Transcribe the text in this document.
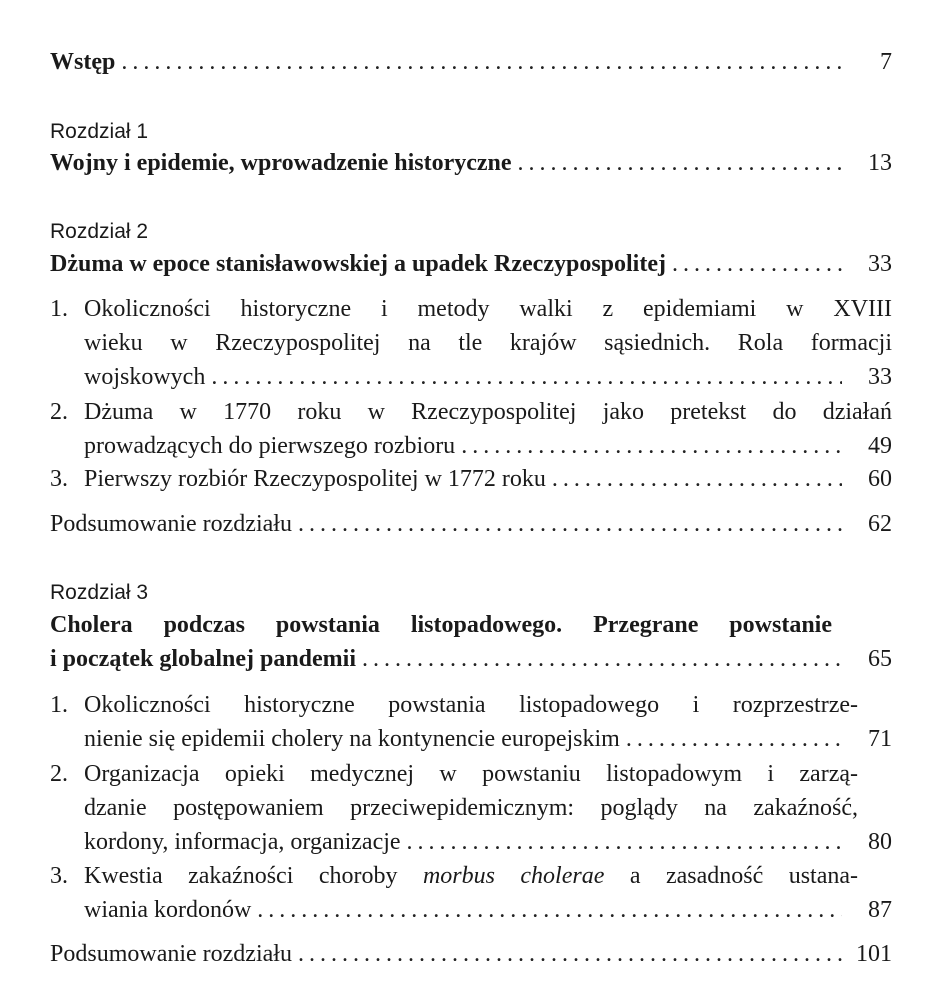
Wstęp . . .	7
Rozdział 1
Wojny i epidemie, wprowadzenie historyczne . . .	13
Rozdział 2
Dżuma w epoce stanisławowskiej a upadek Rzeczypospolitej . . .	33
1. Okoliczności historyczne i metody walki z epidemiami w XVIII
wieku w Rzeczypospolitej na tle krajów sąsiednich. Rola formacji
wojskowych . . .	33
2. Dżuma w 1770 roku w Rzeczypospolitej jako pretekst do działań
prowadzących do pierwszego rozbioru . . .	49
3. Pierwszy rozbiór Rzeczypospolitej w 1772 roku . . .	60
Podsumowanie rozdziału . . .	62
Rozdział 3
Cholera podczas powstania listopadowego. Przegrane powstanie
i początek globalnej pandemii . . .	65
1. Okoliczności historyczne powstania listopadowego i rozprzestrze-
nienie się epidemii cholery na kontynencie europejskim . . .	71
2. Organizacja opieki medycznej w powstaniu listopadowym i zarzą-
dzanie postępowaniem przeciwepidemicznym: poglądy na zakaźność,
kordony, informacja, organizacje . . .	80
3. Kwestia zakaźności choroby morbus cholerae a zasadność ustana-
wiania kordonów . . .	87
Podsumowanie rozdziału . . .	101
